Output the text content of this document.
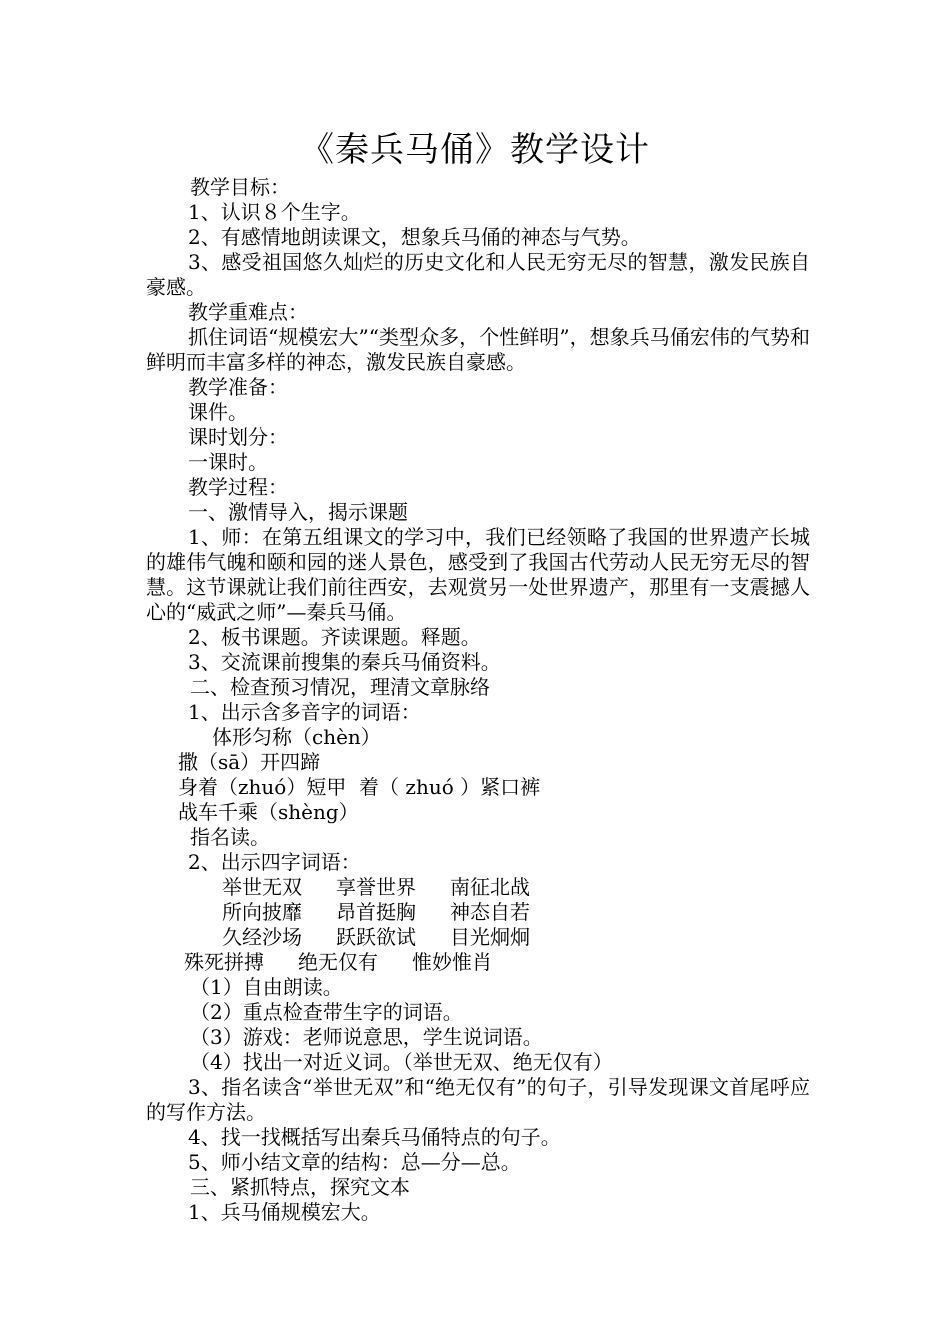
《秦兵马俑》教学设计

教学目标：

1、认识８个生字。

2、有感情地朗读课文，想象兵马俑的神态与气势。

3、感受祖国悠久灿烂的历史文化和人民无穷无尽的智慧，激发民族自豪感。

教学重难点：

抓住词语“规模宏大”“类型众多，个性鲜明”，想象兵马俑宏伟的气势和鲜明而丰富多样的神态，激发民族自豪感。

教学准备：

课件。

课时划分：

一课时。

教学过程：

一、激情导入，揭示课题

1、师：在第五组课文的学习中，我们已经领略了我国的世界遗产长城的雄伟气魄和颐和园的迷人景色，感受到了我国古代劳动人民无穷无尽的智慧。这节课就让我们前往西安，去观赏另一处世界遗产，那里有一支震撼人心的“威武之师”—秦兵马俑。

2、板书课题。齐读课题。释题。

3、交流课前搜集的秦兵马俑资料。

二、检查预习情况，理清文章脉络

1、出示含多音字的词语：

体形匀称（chèn）

撒（sā）开四蹄

身着（zhuó）短甲  着（ zhuó ）紧口裤

战车千乘（shèng）

指名读。

2、出示四字词语：

举世无双 享誉世界 南征北战

所向披靡 昂首挺胸 神态自若

久经沙场 跃跃欲试 目光炯炯

殊死拼搏 绝无仅有 惟妙惟肖

（1）自由朗读。

（2）重点检查带生字的词语。

（3）游戏：老师说意思，学生说词语。

（4）找出一对近义词。（举世无双、绝无仅有）

3、指名读含“举世无双”和“绝无仅有”的句子，引导发现课文首尾呼应的写作方法。

4、找一找概括写出秦兵马俑特点的句子。

5、师小结文章的结构：总—分—总。

三、紧抓特点，探究文本

1、兵马俑规模宏大。
